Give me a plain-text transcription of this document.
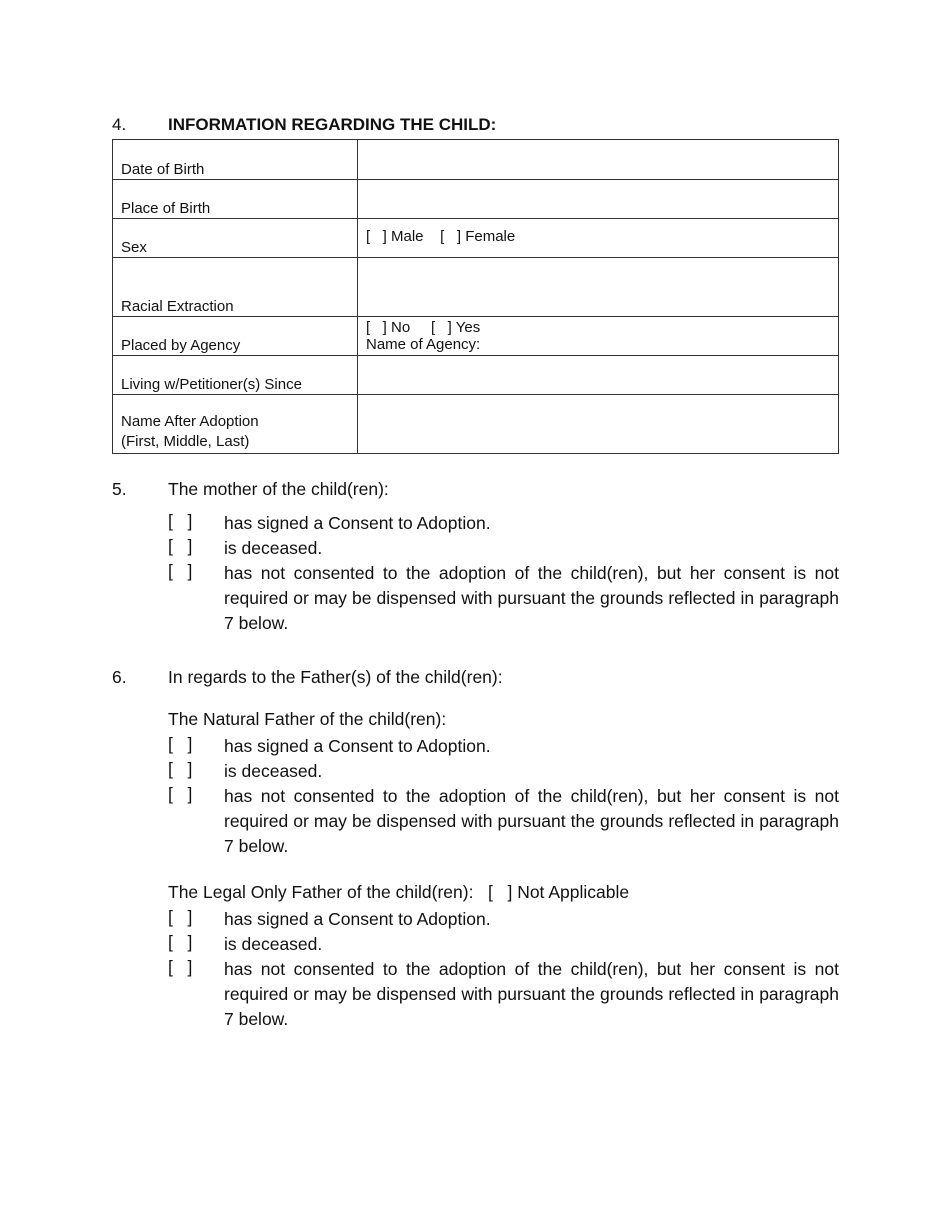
4. INFORMATION REGARDING THE CHILD:
Date of Birth	
Place of Birth	
Sex	[   ] Male    [   ] Female

Racial Extraction	
Placed by Agency	[   ] No     [   ] Yes
Name of Agency:

Living w/Petitioner(s) Since	

Name After Adoption
(First, Middle, Last)	

5. The mother of the child(ren):
[   ] has signed a Consent to Adoption.
[   ] is deceased.
[   ] has not consented to the adoption of the child(ren), but her consent is not required or may be dispensed with pursuant the grounds reflected in paragraph 7 below.
6. In regards to the Father(s) of the child(ren):
The Natural Father of the child(ren):
[   ] has signed a Consent to Adoption.
[   ] is deceased.
[   ] has not consented to the adoption of the child(ren), but her consent is not required or may be dispensed with pursuant the grounds reflected in paragraph 7 below.
The Legal Only Father of the child(ren):   [   ] Not Applicable
[   ] has signed a Consent to Adoption.
[   ] is deceased.
[   ] has not consented to the adoption of the child(ren), but her consent is not required or may be dispensed with pursuant the grounds reflected in paragraph 7 below.
